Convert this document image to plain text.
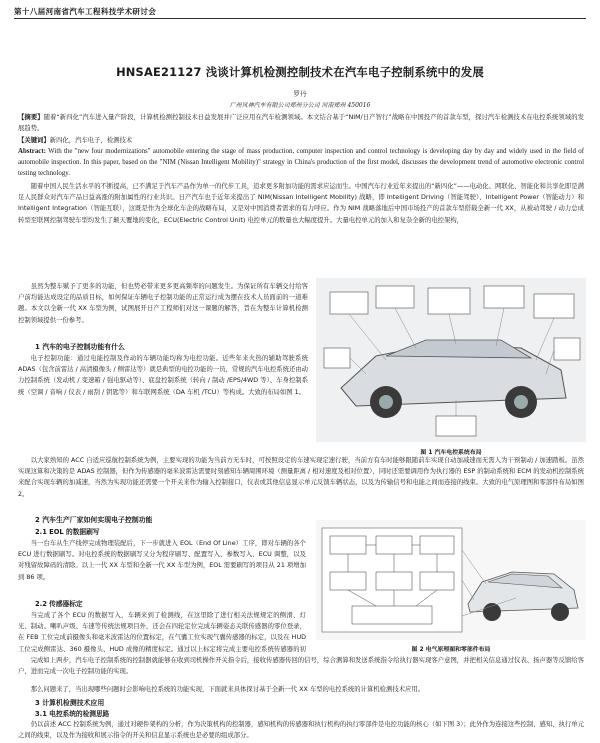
第十八届河南省汽车工程科技学术研讨会
HNSAE21127 浅谈计算机检测控制技术在汽车电子控制系统中的发展
罗丹
广州风神汽车有限公司郑州分公司 河南郑州 450016
【摘要】随着“新四化”汽车进入量产阶段，计算机检测控制技术日益发展并广泛应用在汽车检测领域。本文结合基于“NIM/日产智行”战略在中国投产的首款车型，探讨汽车检测技术在电控系统领域的发展趋势。
【关键词】新四化，汽车电子，检测技术
Abstract: With the "new four modernizations" automobile entering the stage of mass production, computer inspection and control technology is developing day by day and widely used in the field of automobile inspection. In this paper, based on the "NIM (Nissan Intelligent Mobility)" strategy in China's production of the first model, discusses the development trend of automotive electronic control testing technology.
随着中国人民生活水平的不断提高，已不满足于汽车产品作为单一的代步工具，追求更多附加功能的需求应运而生。中国汽车行业近年来提出的“新四化”——电动化、网联化、智能化和共享化即是满足人民群众对汽车产品日益高涨的附加属性的行业共识。日产汽车也于近年来提出了 NIM(Nissan Intelligent Mobility) 战略，即 Intelligent Driving（智能驾驶）、Intelligent Power（智能动力）和 Intelligent Integration（智能互联），这既是作为全球化车企的战略布局，又是对中国消费者需求的有力呼应。作为 NIM 战略落地后中国市场投产的首款车型搭载全新一代 XX，从被动驾驶 / 动力总成转型至联网控制驾驶车型均发生了颠天覆地的变化，ECU(Electric Control Unit) 电控单元的数量也大幅度提升。大量电控单元的加入和复杂全新的电控架构，
虽然为整车赋予了更多的功能，但也势必带来更多更高频率的问题发生。为保证所有车辆交付给客户前均能达成设定的品质目标，如何保证车辆电子控制功能的正常运行成为摆在技术人员面前的一道难题。本文以全新一代 XX 车型为例，试图展开日产工程师们对这一课题的解答，旨在为整车计算机检测控制领域提供一份参考。
1 汽车的电子控制功能有什么
电子控制功能：通过电能控制及作动的车辆功能均称为电控功能。近些年来火热的辅助驾驶系统 ADAS（包含前雷达 / 高清摄像头 / 侧雷达等）就是典型的电控功能的一员，常规的汽车电控系统还由动力控制系统（发动机 / 变速箱 / 强电驱动等）、底盘控制系统（转向 / 制动 /EPS/4WD 等）、车身控制系统（空调 / 音响 / 仪表 / 雨刮 / 钥匙等）和车联网系统（DA 车机 /TCU）等构成。大致的布局如图 1。
图 1 汽车电控系统布局
以大家熟知的 ACC 自适应巡航控制系统为例，主要实现的功能为当前方无车时，可按照设定的车速实现定速行驶，当前方有车时能够跟随前车实现自动加减速而无需人为干预制动 / 加速踏板。虽然实现这算和决策的是 ADAS 控制器，但作为传感器的毫米波雷达需要时刻感知车辆周围环境（测量距离 / 相对速度及相对位置），同时还需要调用作为执行器的 ESP 的制动系统和 ECM 的发动机控制系统来配合实现车辆的加减速，当然为实现功能还需要一个开关来作为输入控制接口，仪表或其他信息显示单元反馈车辆状态，以及为传输信号和电能之间而连接的线束。大致的电气原理图和零部件布局如图 2。
2 汽车生产厂家如何实现电子控制功能
2.1 EOL 的数据刷写
当一台车从生产线停完成物理装配后，下一步就进入 EOL（End Of Line）工序，即对车辆的各个 ECU 进行数据刷写。对电控系统的数据刷写又分为程序刷写、配置写入、参数写入、ECU 调整，以及对残留故障码的清除。以上一代 XX 车型和全新一代 XX 车型为例，EOL 需要刷写的项目从 21 项增加到 86 项。
2.2 传感器标定
当完成了各个 ECU 的数据写入，车辆来到了检测线，在这里除了进行相关法规规定的侧滑、灯光、制动、喇叭声级、车速等传统法规项目外，还会在四轮定位完成车辆姿态关联传感器的零位登录，在 FEB 工位完成前摄像头和毫米波雷达的位置标定，在气囊工位实现气囊传感器的标定，以及在 HUD 工位完成侧雷达、360 摄像头、HUD 成像的精度标定。通过以上标定将完成主要电控系统传感器的初	图 2 电气原理图和零部件布局
完成如上两步，汽车电子控制系统的控制器就能够在收到司机操作开关指令后，接收传感器传回的信号，综合测算和发送系统指令给执行器实现客户意图，并把相关信息通过仪表、扬声器等反馈给客户，进而完成一次电子控制功能的实现。
那么问题来了，当出现哪些问题时会影响电控系统的功能实现，下面就来具体探讨基于全新一代 XX 车型的电控系统的计算机检测技术应用。
3 计算机检测技术应用
3.1 电控系统的检测思路
仍以前述 ACC 控制系统为例，通过对硬件架构的分析，作为决策机构的控制器，感知机构的传感器和执行机构的执行零部件是电控功能的核心（如下图 3）；此外作为连接这些控制、感知、执行单元之间的线束，以及作为接收和展示指令的开关和信息显示系统也是必要的组成部分。
